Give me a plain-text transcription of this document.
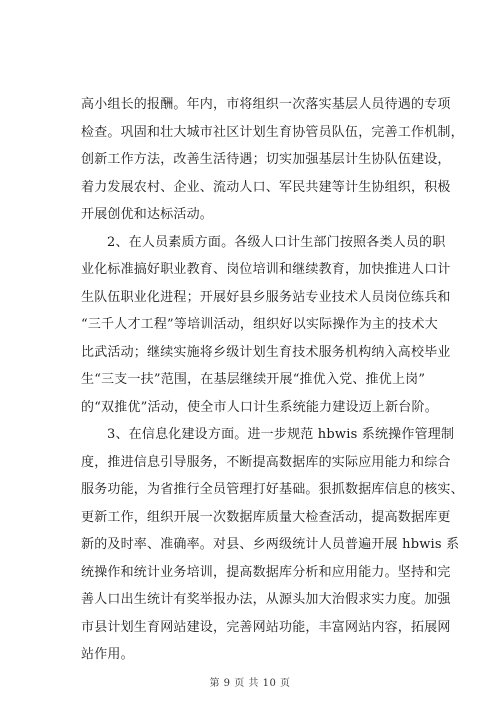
高小组长的报酬。年内，市将组织一次落实基层人员待遇的专项
检查。巩固和壮大城市社区计划生育协管员队伍，完善工作机制，
创新工作方法，改善生活待遇；切实加强基层计生协队伍建设，
着力发展农村、企业、流动人口、军民共建等计生协组织，积极
开展创优和达标活动。
2、在人员素质方面。各级人口计生部门按照各类人员的职
业化标准搞好职业教育、岗位培训和继续教育，加快推进人口计
生队伍职业化进程；开展好县乡服务站专业技术人员岗位练兵和
“三千人才工程”等培训活动，组织好以实际操作为主的技术大
比武活动；继续实施将乡级计划生育技术服务机构纳入高校毕业
生“三支一扶”范围，在基层继续开展“推优入党、推优上岗”
的“双推优”活动，使全市人口计生系统能力建设迈上新台阶。
3、在信息化建设方面。进一步规范 hbwis 系统操作管理制
度，推进信息引导服务，不断提高数据库的实际应用能力和综合
服务功能，为省推行全员管理打好基础。狠抓数据库信息的核实、
更新工作，组织开展一次数据库质量大检查活动，提高数据库更
新的及时率、准确率。对县、乡两级统计人员普遍开展 hbwis 系
统操作和统计业务培训，提高数据库分析和应用能力。坚持和完
善人口出生统计有奖举报办法，从源头加大治假求实力度。加强
市县计划生育网站建设，完善网站功能，丰富网站内容，拓展网
站作用。
第 9 页 共 10 页
